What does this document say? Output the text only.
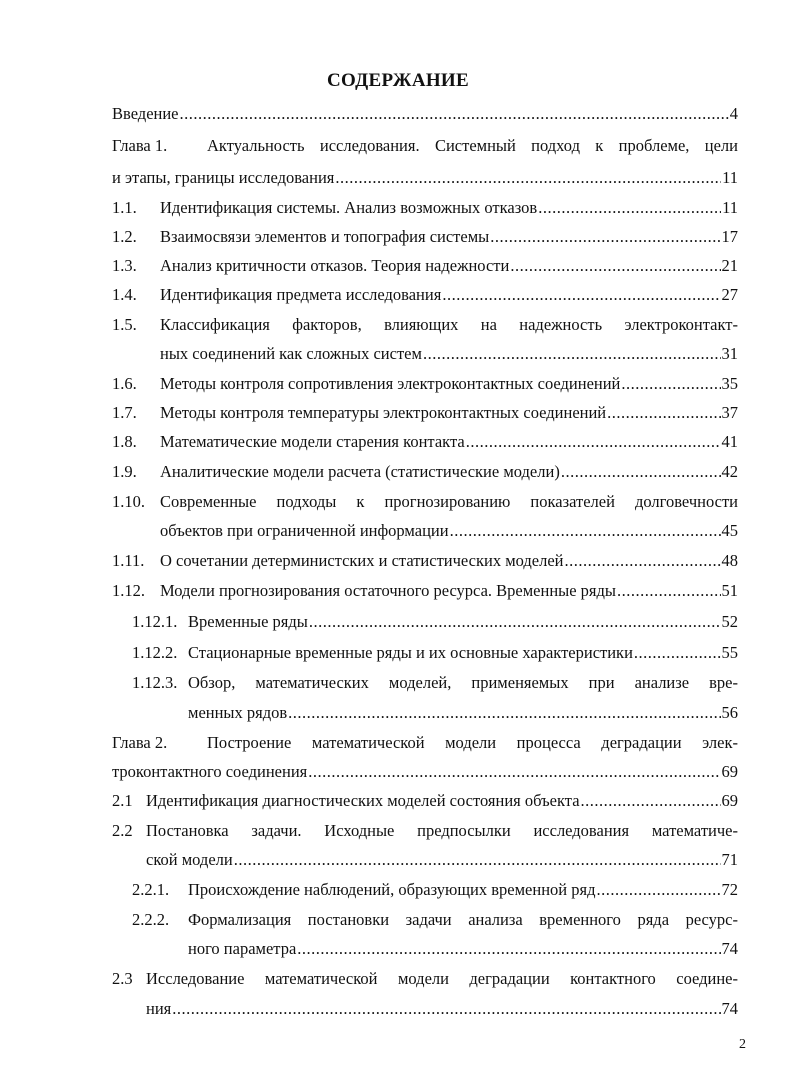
СОДЕРЖАНИЕ
Введение .....	4
Глава 1.	Актуальность исследования. Системный подход к проблеме, цели
и этапы, границы исследования .....	11
1.1.	Идентификация системы. Анализ возможных отказов .....	11
1.2.	Взаимосвязи элементов и топография системы .....	17
1.3.	Анализ критичности отказов. Теория надежности .....	21
1.4.	Идентификация предмета исследования .....	27
1.5.	Классификация факторов, влияющих на надежность электроконтакт-
ных соединений как сложных систем .....	31
1.6.	Методы контроля сопротивления электроконтактных соединений .....	35
1.7.	Методы контроля температуры электроконтактных соединений .....	37
1.8.	Математические модели старения контакта .....	41
1.9.	Аналитические модели расчета (статистические модели) .....	42
1.10. Современные подходы к прогнозированию показателей долговечности
объектов при ограниченной информации .....	45
1.11. О сочетании детерминистских и статистических моделей .....	48
1.12. Модели прогнозирования остаточного ресурса. Временные ряды .....	51
1.12.1. Временные ряды .....	52
1.12.2. Стационарные временные ряды и их основные характеристики .....	55
1.12.3. Обзор, математических моделей, применяемых при анализе вре-
менных рядов .....	56
Глава 2.	Построение математической модели процесса деградации элек-
троконтактного соединения .....	69
2.1 Идентификация диагностических моделей состояния объекта .....	69
2.2 Постановка задачи. Исходные предпосылки исследования математиче-
ской модели .....	71
2.2.1.	Происхождение наблюдений, образующих временной ряд .....	72
2.2.2.	Формализация постановки задачи анализа временного ряда ресурс-
ного параметра .....	74
2.3 Исследование математической модели деградации контактного соедине-
ния .....	74
2
